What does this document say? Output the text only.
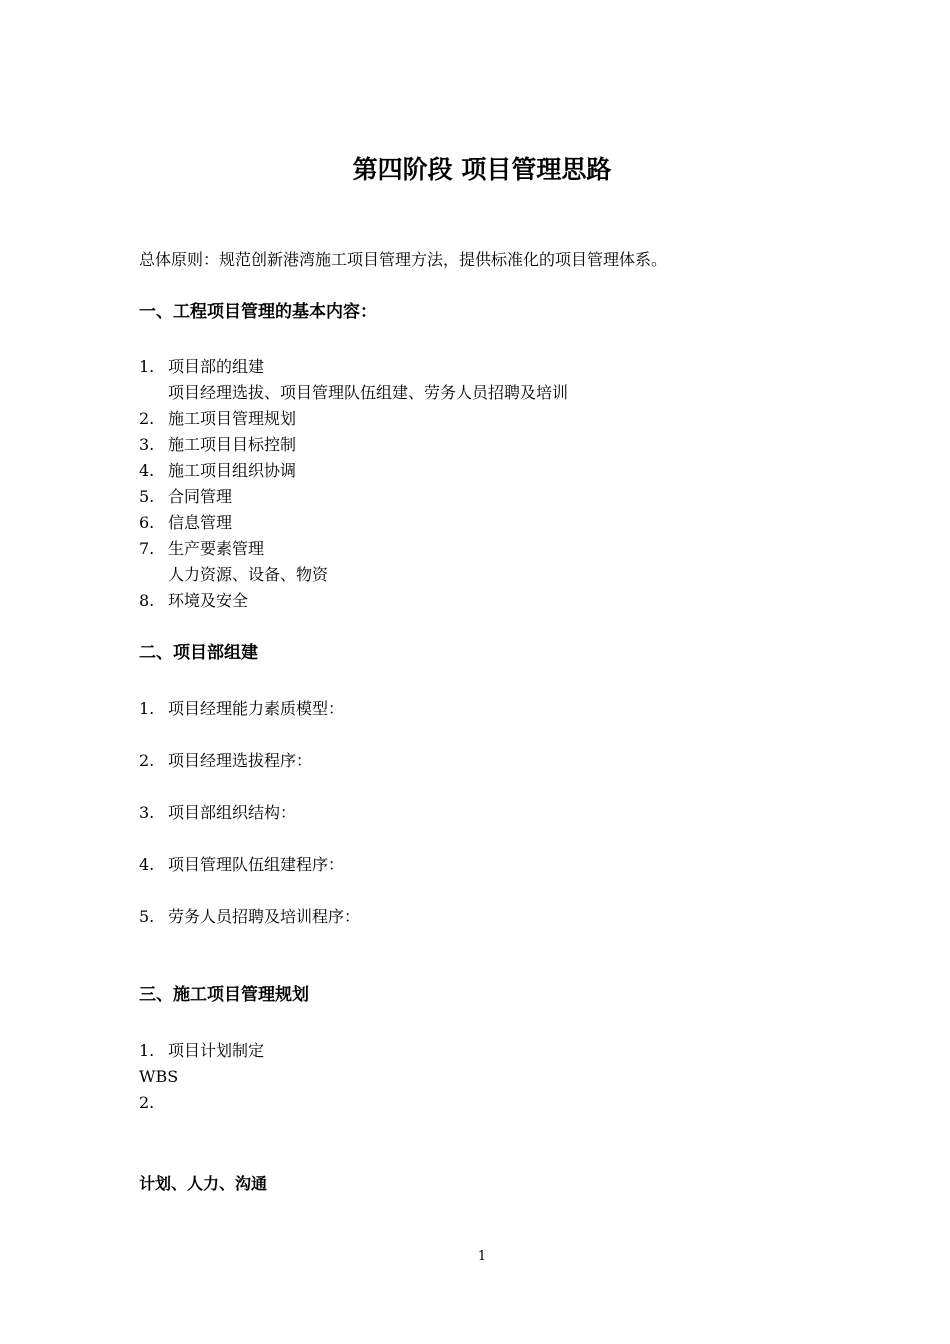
第四阶段 项目管理思路
总体原则：规范创新港湾施工项目管理方法，提供标准化的项目管理体系。
一、工程项目管理的基本内容：
1. 项目部的组建
项目经理选拔、项目管理队伍组建、劳务人员招聘及培训
2. 施工项目管理规划
3. 施工项目目标控制
4. 施工项目组织协调
5. 合同管理
6. 信息管理
7. 生产要素管理
人力资源、设备、物资
8. 环境及安全
二、项目部组建
1. 项目经理能力素质模型：
2. 项目经理选拔程序：
3. 项目部组织结构：
4. 项目管理队伍组建程序：
5. 劳务人员招聘及培训程序：
三、施工项目管理规划
1. 项目计划制定
WBS
2.
计划、人力、沟通
1
